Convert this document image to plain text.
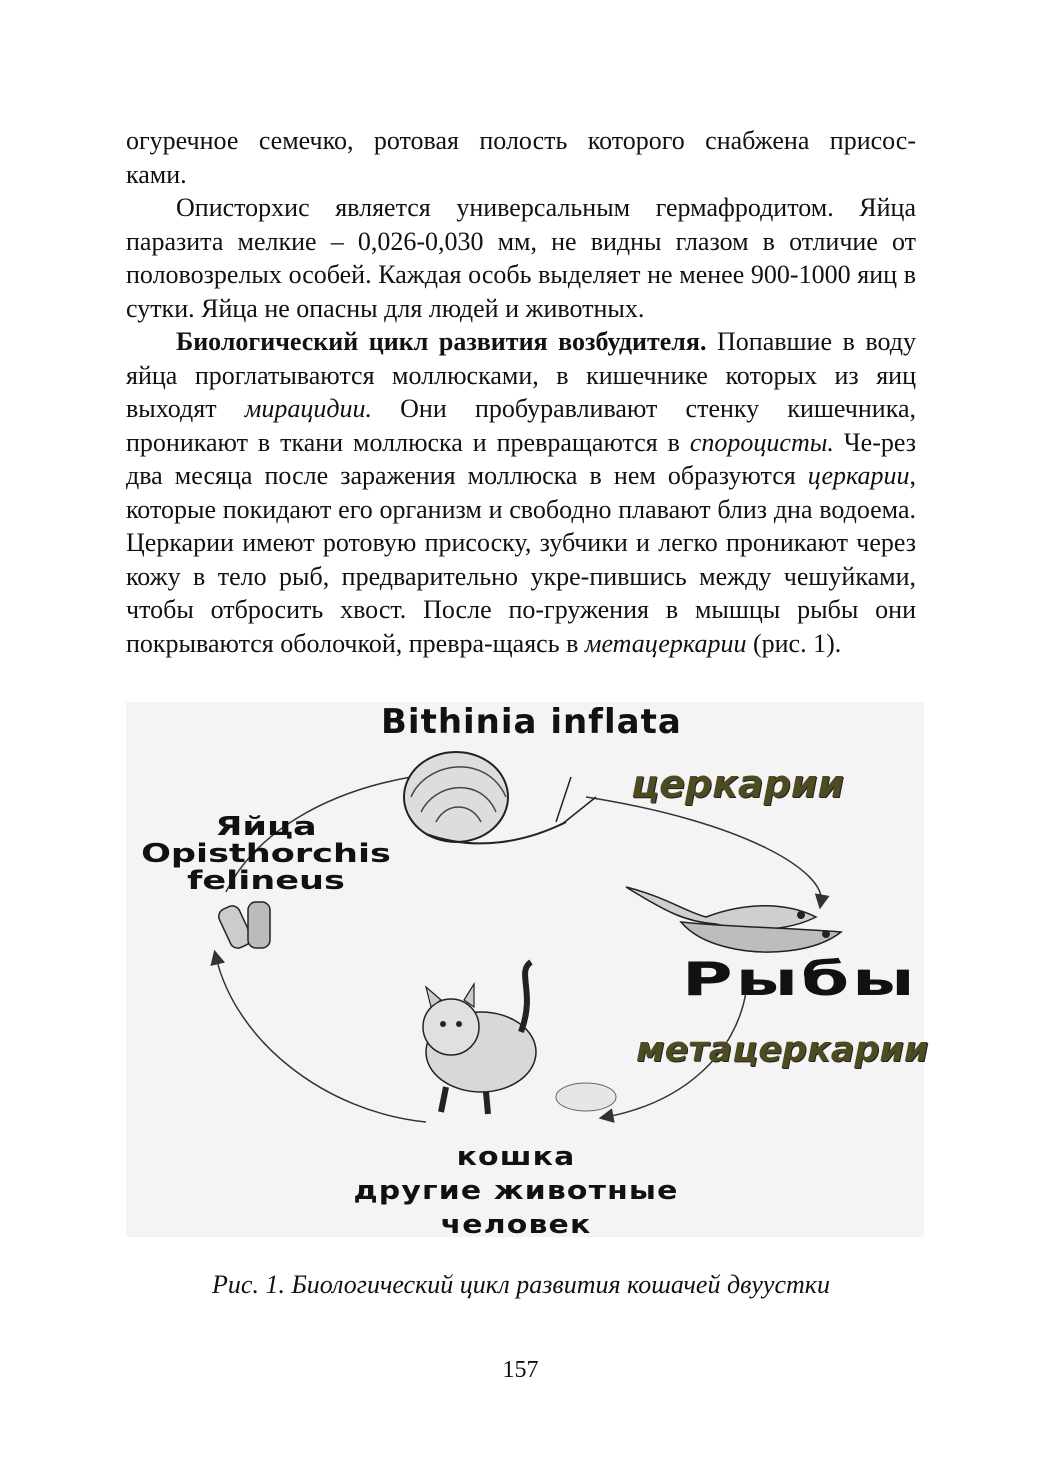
огуречное семечко, ротовая полость которого снабжена присос-
ками.

Описторхис является универсальным гермафродитом. Яйца паразита мелкие – 0,026-0,030 мм, не видны глазом в отличие от половозрелых особей. Каждая особь выделяет не менее 900-1000 яиц в сутки. Яйца не опасны для людей и животных.

Биологический цикл развития возбудителя. Попавшие в воду яйца проглатываются моллюсками, в кишечнике которых из яиц выходят мирацидии. Они пробуравливают стенку кишечника, проникают в ткани моллюска и превращаются в спороцисты. Че-рез два месяца после заражения моллюска в нем образуются церкарии, которые покидают его организм и свободно плавают близ дна водоема. Церкарии имеют ротовую присоску, зубчики и легко проникают через кожу в тело рыб, предварительно укре-пившись между чешуйками, чтобы отбросить хвост. После по-гружения в мышцы рыбы они покрываются оболочкой, превра-щаясь в метацеркарии (рис. 1).

Bithinia inflata
церкарии
Яйца
Opisthorchis
felineus
Рыбы
метацеркарии
кошка
другие животные
человек
Рис. 1. Биологический цикл развития кошачей двуустки
157
